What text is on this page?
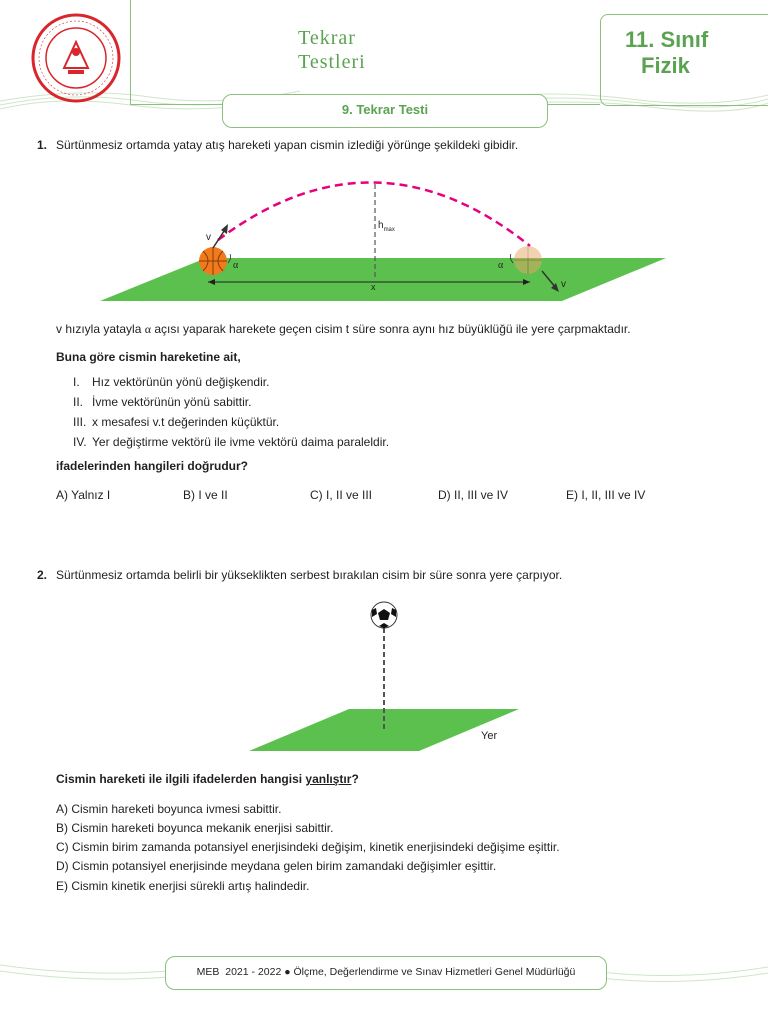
Tekrar
Testleri
11. Sınıf
Fizik
9. Tekrar Testi
1. Sürtünmesiz ortamda yatay atış hareketi yapan cismin izlediği yörünge şekildeki gibidir.
v
α	α
v
$h_{max}$
x
v hızıyla yatayla α açısı yaparak harekete geçen cisim t süre sonra aynı hız büyüklüğü ile yere çarpmaktadır.
Buna göre cismin hareketine ait,
I. Hız vektörünün yönü değişkendir.
II. İvme vektörünün yönü sabittir.
III. x mesafesi v.t değerinden küçüktür.
IV. Yer değiştirme vektörü ile ivme vektörü daima paraleldir.
ifadelerinden hangileri doğrudur?
A) Yalnız I	B) I ve II	C) I, II ve III	D) II, III ve IV	E) I, II, III ve IV
2. Sürtünmesiz ortamda belirli bir yükseklikten serbest bırakılan cisim bir süre sonra yere çarpıyor.
Yer
Cismin hareketi ile ilgili ifadelerden hangisi yanlıştır?
A) Cismin hareketi boyunca ivmesi sabittir.
B) Cismin hareketi boyunca mekanik enerjisi sabittir.
C) Cismin birim zamanda potansiyel enerjisindeki değişim, kinetik enerjisindeki değişime eşittir.
D) Cismin potansiyel enerjisinde meydana gelen birim zamandaki değişimler eşittir.
E) Cismin kinetik enerjisi sürekli artış halindedir.
MEB  2021 - 2022 ● Ölçme, Değerlendirme ve Sınav Hizmetleri Genel Müdürlüğü
